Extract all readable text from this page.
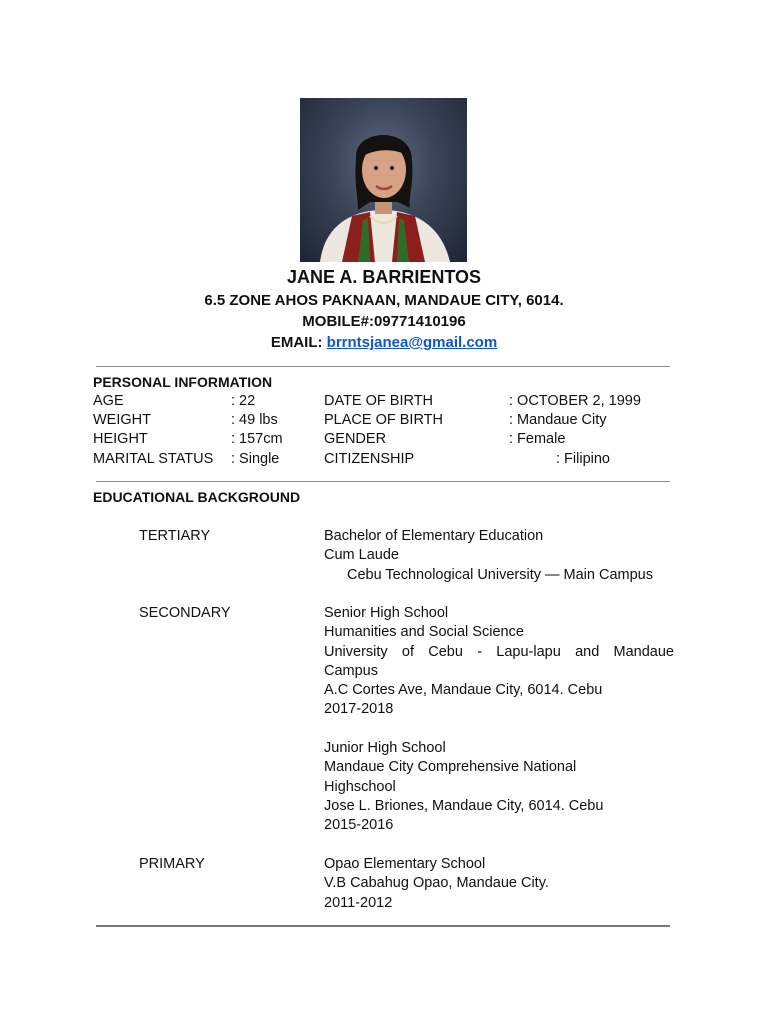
JANE A. BARRIENTOS
6.5 ZONE AHOS PAKNAAN, MANDAUE CITY, 6014.
MOBILE#:09771410196
EMAIL: brrntsjanea@gmail.com
PERSONAL INFORMATION
AGE	: 22	DATE OF BIRTH	: OCTOBER 2, 1999
WEIGHT	: 49 lbs	PLACE OF BIRTH	: Mandaue City
HEIGHT	: 157cm	GENDER	: Female
MARITAL STATUS : Single	CITIZENSHIP	: Filipino
EDUCATIONAL BACKGROUND
TERTIARY	Bachelor of Elementary Education
Cum Laude
Cebu Technological University — Main Campus
SECONDARY	Senior High School
Humanities and Social Science
University of Cebu - Lapu-lapu and Mandaue
Campus
A.C Cortes Ave, Mandaue City, 6014. Cebu
2017-2018
Junior High School
Mandaue City Comprehensive National
Highschool
Jose L. Briones, Mandaue City, 6014. Cebu
2015-2016
PRIMARY	Opao Elementary School
V.B Cabahug Opao, Mandaue City.
2011-2012
